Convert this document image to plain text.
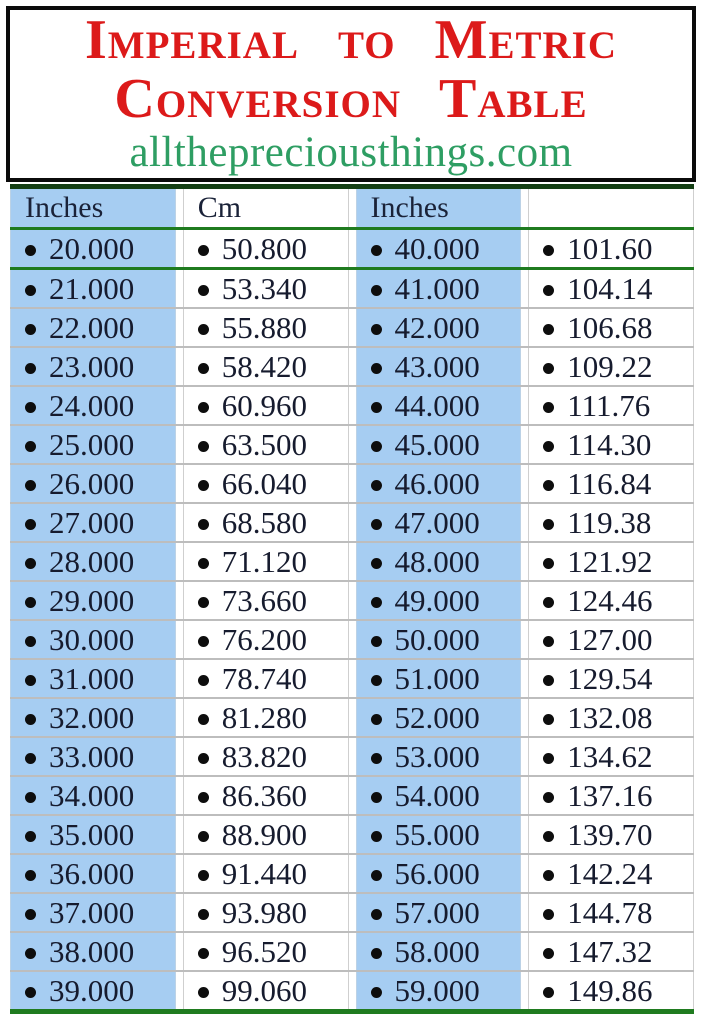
Imperial to Metric
Conversion Table
allthepreciousthings.com
Inches	Cm	Inches
20.000	50.800	40.000	101.60
21.000	53.340	41.000	104.14
22.000	55.880	42.000	106.68
23.000	58.420	43.000	109.22
24.000	60.960	44.000	111.76
25.000	63.500	45.000	114.30
26.000	66.040	46.000	116.84
27.000	68.580	47.000	119.38
28.000	71.120	48.000	121.92
29.000	73.660	49.000	124.46
30.000	76.200	50.000	127.00
31.000	78.740	51.000	129.54
32.000	81.280	52.000	132.08
33.000	83.820	53.000	134.62
34.000	86.360	54.000	137.16
35.000	88.900	55.000	139.70
36.000	91.440	56.000	142.24
37.000	93.980	57.000	144.78
38.000	96.520	58.000	147.32
39.000	99.060	59.000	149.86
